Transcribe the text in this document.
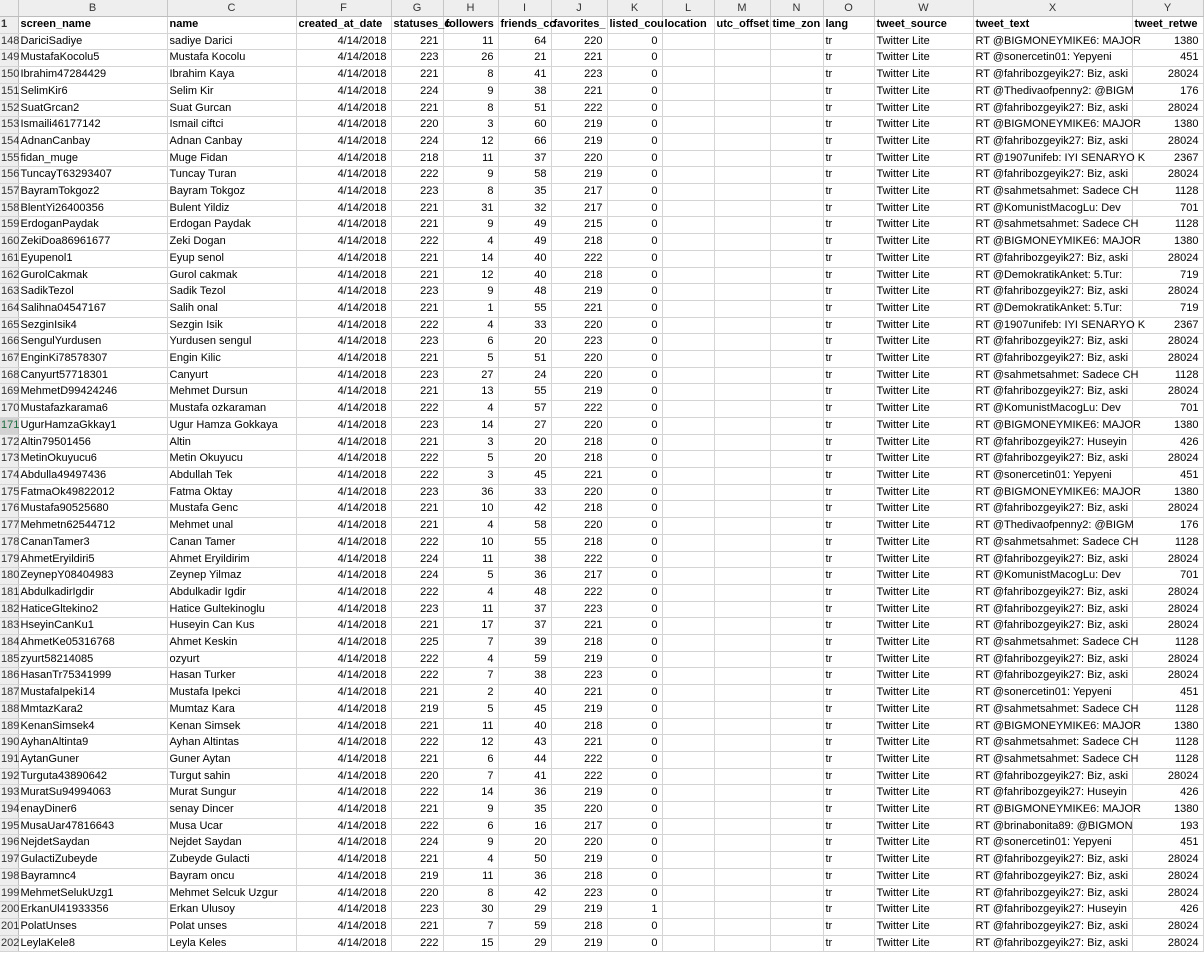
	B	C	F	G	H	I	J	K	L	M	N	O	W	X	Y
1	screen_name	name	created_at_date	statuses_c	followers	friends_cc	favorites_	listed_cou	location	utc_offset	time_zon	lang	tweet_source	tweet_text	tweet_retwe
148	DariciSadiye	sadiye Darici	4/14/2018	221	11	64	220	0				tr	Twitter Lite	RT @BIGMONEYMIKE6: MAJOR	1380
149	MustafaKocolu5	Mustafa Kocolu	4/14/2018	223	26	21	221	0				tr	Twitter Lite	RT @sonercetin01: Yepyeni	451
150	Ibrahim47284429	Ibrahim Kaya	4/14/2018	221	8	41	223	0				tr	Twitter Lite	RT @fahribozgeyik27: Biz, aski	28024
151	SelimKir6	Selim Kir	4/14/2018	224	9	38	221	0				tr	Twitter Lite	RT @Thedivaofpenny2: @BIGM	176
152	SuatGrcan2	Suat Gurcan	4/14/2018	221	8	51	222	0				tr	Twitter Lite	RT @fahribozgeyik27: Biz, aski	28024
153	Ismaili46177142	Ismail ciftci	4/14/2018	220	3	60	219	0				tr	Twitter Lite	RT @BIGMONEYMIKE6: MAJOR	1380
154	AdnanCanbay	Adnan Canbay	4/14/2018	224	12	66	219	0				tr	Twitter Lite	RT @fahribozgeyik27: Biz, aski	28024
155	fidan_muge	Muge Fidan	4/14/2018	218	11	37	220	0				tr	Twitter Lite	RT @1907unifeb: IYI SENARYO K	2367
156	TuncayT63293407	Tuncay Turan	4/14/2018	222	9	58	219	0				tr	Twitter Lite	RT @fahribozgeyik27: Biz, aski	28024
157	BayramTokgoz2	Bayram Tokgoz	4/14/2018	223	8	35	217	0				tr	Twitter Lite	RT @sahmetsahmet: Sadece CH	1128
158	BlentYi26400356	Bulent Yildiz	4/14/2018	221	31	32	217	0				tr	Twitter Lite	RT @KomunistMacogLu: Dev	701
159	ErdoganPaydak	Erdogan Paydak	4/14/2018	221	9	49	215	0				tr	Twitter Lite	RT @sahmetsahmet: Sadece CH	1128
160	ZekiDoa86961677	Zeki Dogan	4/14/2018	222	4	49	218	0				tr	Twitter Lite	RT @BIGMONEYMIKE6: MAJOR	1380
161	Eyupenol1	Eyup senol	4/14/2018	221	14	40	222	0				tr	Twitter Lite	RT @fahribozgeyik27: Biz, aski	28024
162	GurolCakmak	Gurol cakmak	4/14/2018	221	12	40	218	0				tr	Twitter Lite	RT @DemokratikAnket: 5.Tur:	719
163	SadikTezol	Sadik Tezol	4/14/2018	223	9	48	219	0				tr	Twitter Lite	RT @fahribozgeyik27: Biz, aski	28024
164	Salihna04547167	Salih onal	4/14/2018	221	1	55	221	0				tr	Twitter Lite	RT @DemokratikAnket: 5.Tur:	719
165	SezginIsik4	Sezgin Isik	4/14/2018	222	4	33	220	0				tr	Twitter Lite	RT @1907unifeb: IYI SENARYO K	2367
166	SengulYurdusen	Yurdusen sengul	4/14/2018	223	6	20	223	0				tr	Twitter Lite	RT @fahribozgeyik27: Biz, aski	28024
167	EnginKi78578307	Engin Kilic	4/14/2018	221	5	51	220	0				tr	Twitter Lite	RT @fahribozgeyik27: Biz, aski	28024
168	Canyurt57718301	Canyurt	4/14/2018	223	27	24	220	0				tr	Twitter Lite	RT @sahmetsahmet: Sadece CH	1128
169	MehmetD99424246	Mehmet Dursun	4/14/2018	221	13	55	219	0				tr	Twitter Lite	RT @fahribozgeyik27: Biz, aski	28024
170	Mustafazkarama6	Mustafa ozkaraman	4/14/2018	222	4	57	222	0				tr	Twitter Lite	RT @KomunistMacogLu: Dev	701
171	UgurHamzaGkkay1	Ugur Hamza Gokkaya	4/14/2018	223	14	27	220	0				tr	Twitter Lite	RT @BIGMONEYMIKE6: MAJOR	1380
172	Altin79501456	Altin	4/14/2018	221	3	20	218	0				tr	Twitter Lite	RT @fahribozgeyik27: Huseyin	426
173	MetinOkuyucu6	Metin Okuyucu	4/14/2018	222	5	20	218	0				tr	Twitter Lite	RT @fahribozgeyik27: Biz, aski	28024
174	Abdulla49497436	Abdullah Tek	4/14/2018	222	3	45	221	0				tr	Twitter Lite	RT @sonercetin01: Yepyeni	451
175	FatmaOk49822012	Fatma Oktay	4/14/2018	223	36	33	220	0				tr	Twitter Lite	RT @BIGMONEYMIKE6: MAJOR	1380
176	Mustafa90525680	Mustafa Genc	4/14/2018	221	10	42	218	0				tr	Twitter Lite	RT @fahribozgeyik27: Biz, aski	28024
177	Mehmetn62544712	Mehmet unal	4/14/2018	221	4	58	220	0				tr	Twitter Lite	RT @Thedivaofpenny2: @BIGM	176
178	CananTamer3	Canan Tamer	4/14/2018	222	10	55	218	0				tr	Twitter Lite	RT @sahmetsahmet: Sadece CH	1128
179	AhmetEryildiri5	Ahmet Eryildirim	4/14/2018	224	11	38	222	0				tr	Twitter Lite	RT @fahribozgeyik27: Biz, aski	28024
180	ZeynepY08404983	Zeynep Yilmaz	4/14/2018	224	5	36	217	0				tr	Twitter Lite	RT @KomunistMacogLu: Dev	701
181	AbdulkadirIgdir	Abdulkadir Igdir	4/14/2018	222	4	48	222	0				tr	Twitter Lite	RT @fahribozgeyik27: Biz, aski	28024
182	HaticeGltekino2	Hatice Gultekinoglu	4/14/2018	223	11	37	223	0				tr	Twitter Lite	RT @fahribozgeyik27: Biz, aski	28024
183	HseyinCanKu1	Huseyin Can Kus	4/14/2018	221	17	37	221	0				tr	Twitter Lite	RT @fahribozgeyik27: Biz, aski	28024
184	AhmetKe05316768	Ahmet Keskin	4/14/2018	225	7	39	218	0				tr	Twitter Lite	RT @sahmetsahmet: Sadece CH	1128
185	zyurt58214085	ozyurt	4/14/2018	222	4	59	219	0				tr	Twitter Lite	RT @fahribozgeyik27: Biz, aski	28024
186	HasanTr75341999	Hasan Turker	4/14/2018	222	7	38	223	0				tr	Twitter Lite	RT @fahribozgeyik27: Biz, aski	28024
187	MustafaIpeki14	Mustafa Ipekci	4/14/2018	221	2	40	221	0				tr	Twitter Lite	RT @sonercetin01: Yepyeni	451
188	MmtazKara2	Mumtaz Kara	4/14/2018	219	5	45	219	0				tr	Twitter Lite	RT @sahmetsahmet: Sadece CH	1128
189	KenanSimsek4	Kenan Simsek	4/14/2018	221	11	40	218	0				tr	Twitter Lite	RT @BIGMONEYMIKE6: MAJOR	1380
190	AyhanAltinta9	Ayhan Altintas	4/14/2018	222	12	43	221	0				tr	Twitter Lite	RT @sahmetsahmet: Sadece CH	1128
191	AytanGuner	Guner Aytan	4/14/2018	221	6	44	222	0				tr	Twitter Lite	RT @sahmetsahmet: Sadece CH	1128
192	Turguta43890642	Turgut sahin	4/14/2018	220	7	41	222	0				tr	Twitter Lite	RT @fahribozgeyik27: Biz, aski	28024
193	MuratSu94994063	Murat Sungur	4/14/2018	222	14	36	219	0				tr	Twitter Lite	RT @fahribozgeyik27: Huseyin	426
194	enayDiner6	senay Dincer	4/14/2018	221	9	35	220	0				tr	Twitter Lite	RT @BIGMONEYMIKE6: MAJOR	1380
195	MusaUar47816643	Musa Ucar	4/14/2018	222	6	16	217	0				tr	Twitter Lite	RT @brinabonita89: @BIGMON	193
196	NejdetSaydan	Nejdet Saydan	4/14/2018	224	9	20	220	0				tr	Twitter Lite	RT @sonercetin01: Yepyeni	451
197	GulactiZubeyde	Zubeyde Gulacti	4/14/2018	221	4	50	219	0				tr	Twitter Lite	RT @fahribozgeyik27: Biz, aski	28024
198	Bayramnc4	Bayram oncu	4/14/2018	219	11	36	218	0				tr	Twitter Lite	RT @fahribozgeyik27: Biz, aski	28024
199	MehmetSelukUzg1	Mehmet Selcuk Uzgur	4/14/2018	220	8	42	223	0				tr	Twitter Lite	RT @fahribozgeyik27: Biz, aski	28024
200	ErkanUl41933356	Erkan Ulusoy	4/14/2018	223	30	29	219	1				tr	Twitter Lite	RT @fahribozgeyik27: Huseyin	426
201	PolatUnses	Polat unses	4/14/2018	221	7	59	218	0				tr	Twitter Lite	RT @fahribozgeyik27: Biz, aski	28024
202	LeylaKele8	Leyla Keles	4/14/2018	222	15	29	219	0				tr	Twitter Lite	RT @fahribozgeyik27: Biz, aski	28024
